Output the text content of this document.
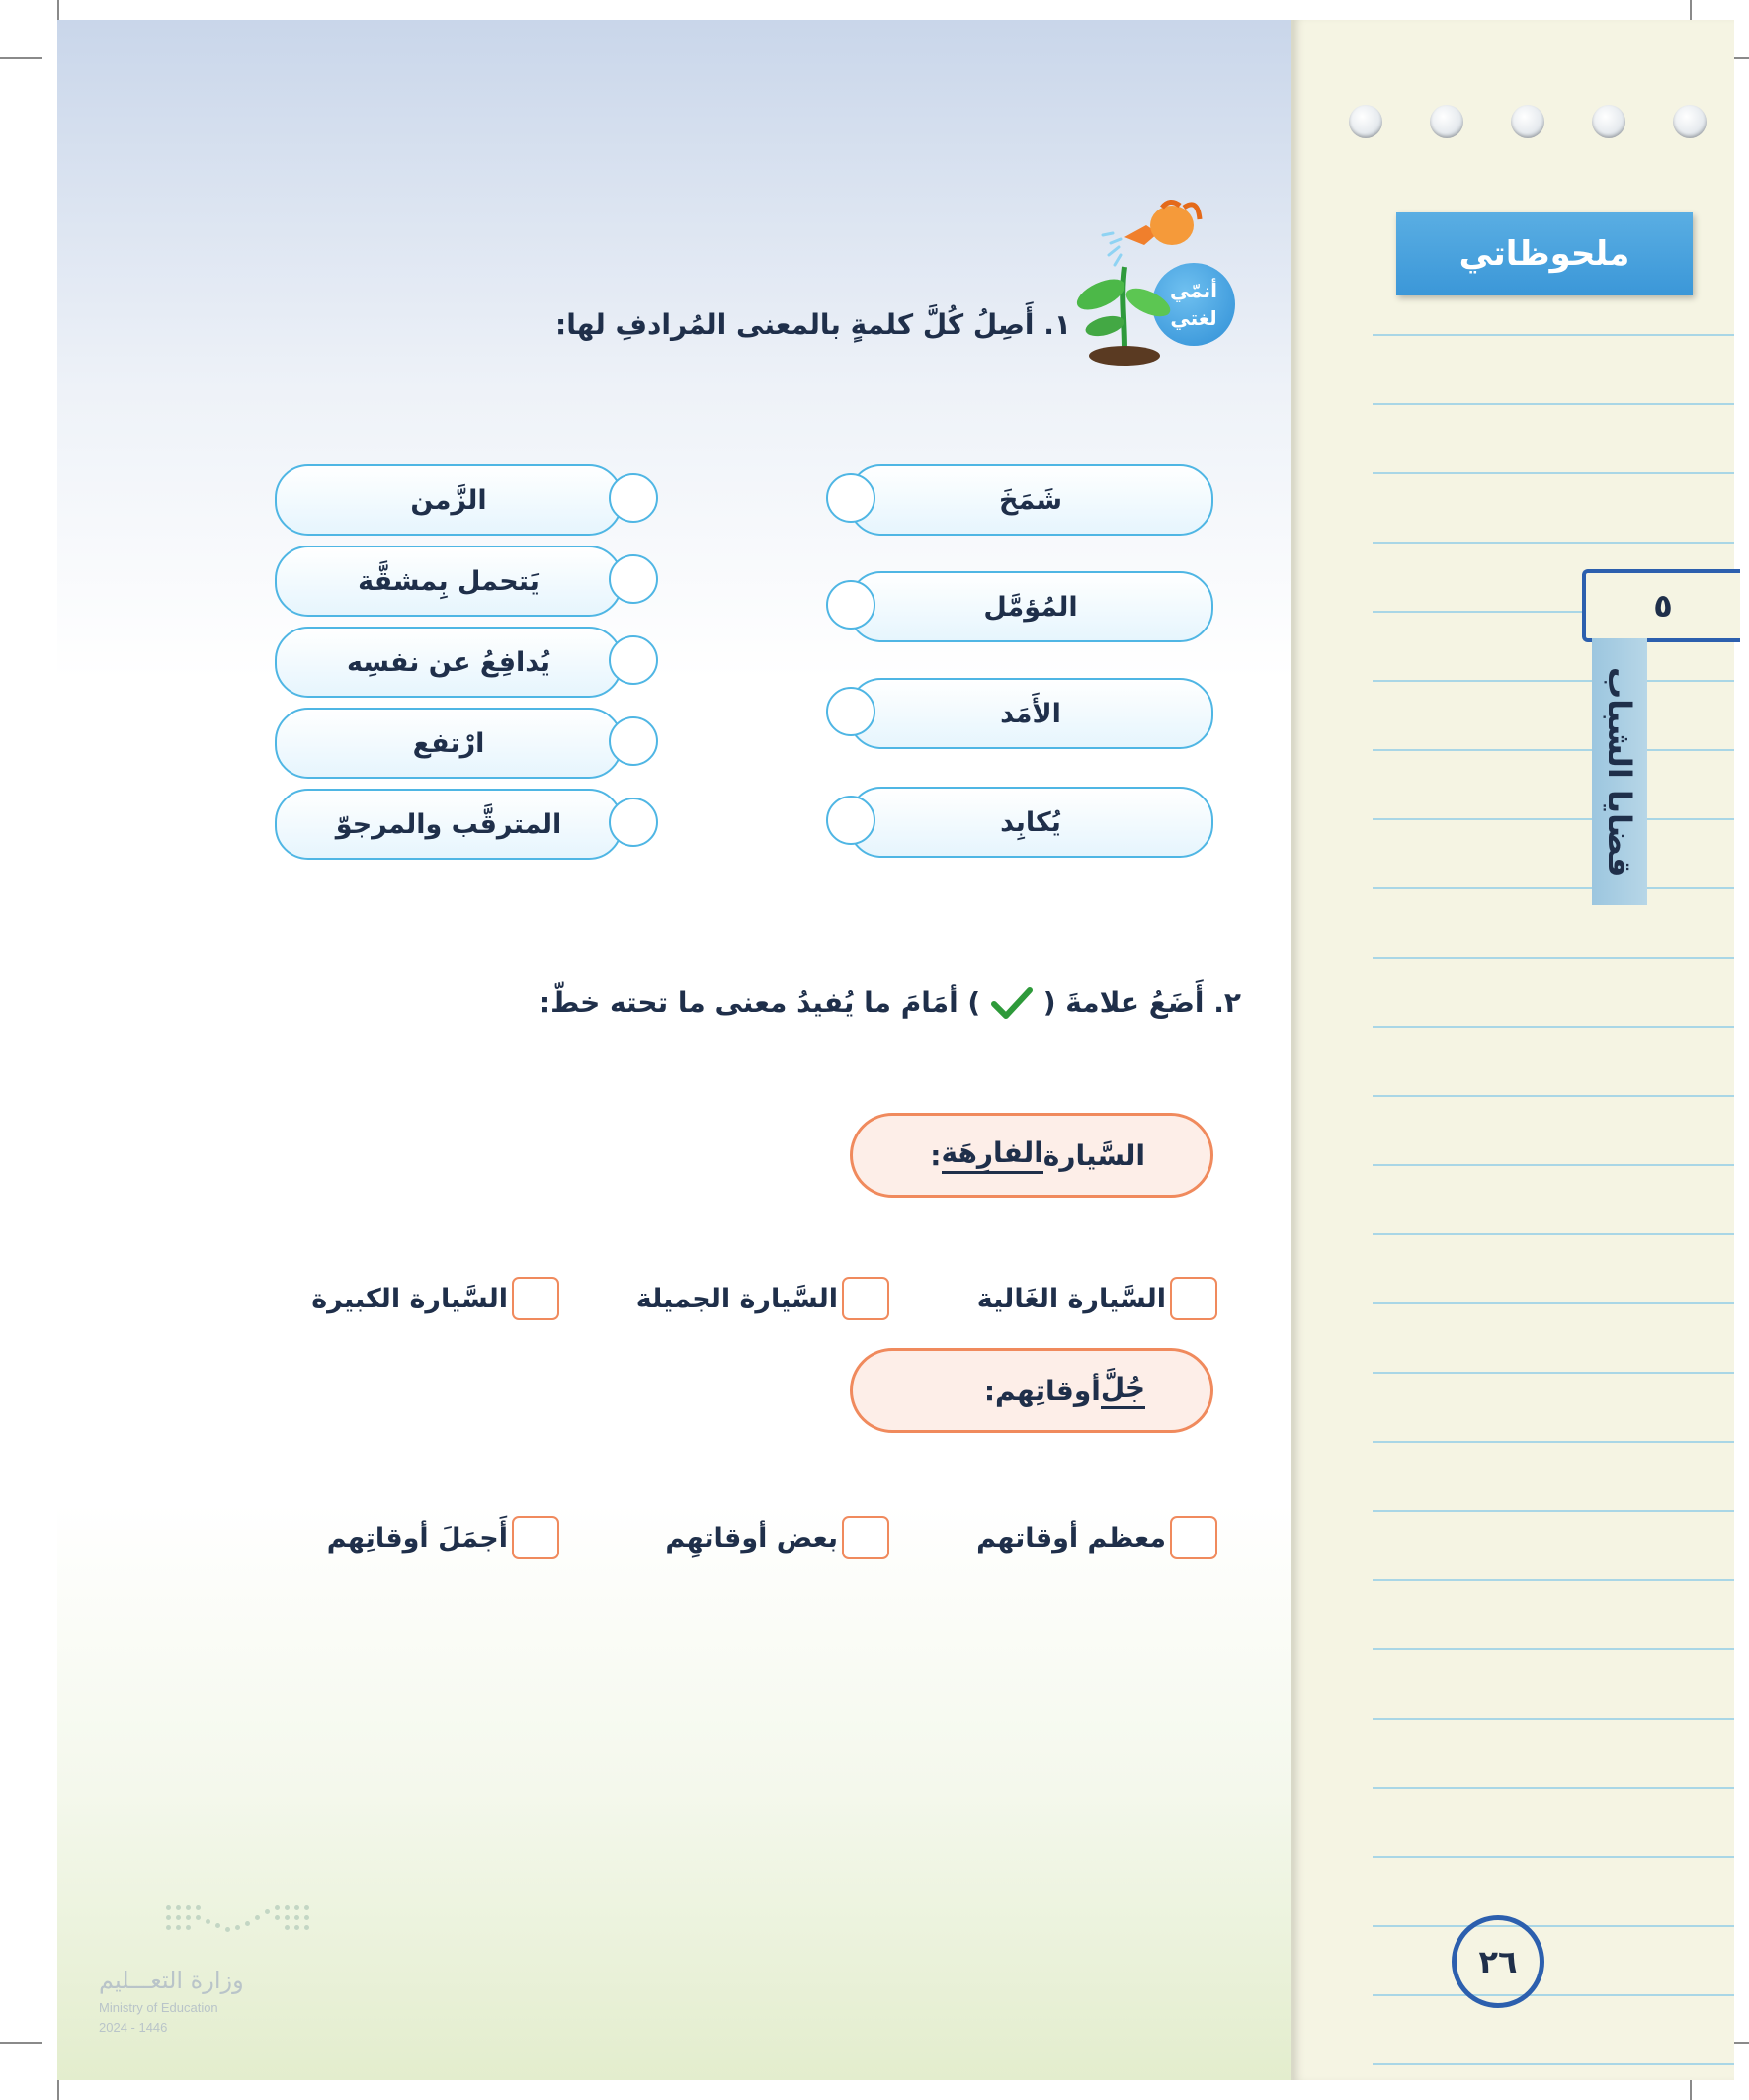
أنمّي
لغتي
١. أَصِلُ كُلَّ كلمةٍ بالمعنى المُرادفِ لها:
الزَّمن
يَتحمل بِمشقَّة
يُدافِعُ عن نفسِه
ارْتفع
المترقَّب والمرجوّ
شَمَخَ
المُؤمَّل
الأَمَد
يُكابِد
٢. أَضَعُ علامةَ (  ) أمَامَ ما يُفيدُ معنى ما تحته خطّ:
السَّيارة
الفارِهَة
:
السَّيارة الغَالية
السَّيارة الجميلة
السَّيارة الكبيرة
جُلَّ
أوقاتِهم:
معظم أوقاتهم
بعض أوقاتهِم
أَجمَلَ أوقاتِهم
وزارة التعـــليم
Ministry of Education
2024 - 1446
ملحوظاتي
٥
قضايا الشباب
٢٦
